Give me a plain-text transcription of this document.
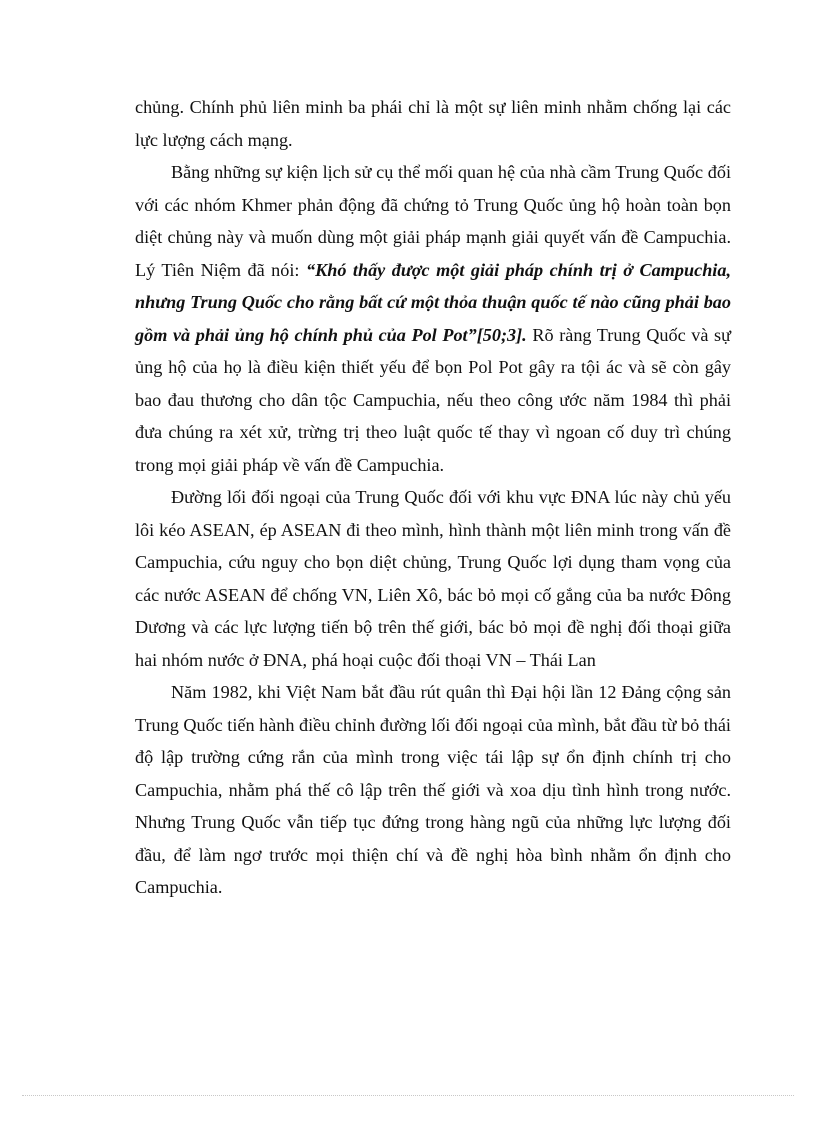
chủng. Chính phủ liên minh ba phái chỉ là một sự liên minh nhằm chống lại các lực lượng cách mạng.

Bằng những sự kiện lịch sử cụ thể mối quan hệ của nhà cầm Trung Quốc đối với các nhóm Khmer phản động đã chứng tỏ Trung Quốc ủng hộ hoàn toàn bọn diệt chủng này và muốn dùng một giải pháp mạnh giải quyết vấn đề Campuchia. Lý Tiên Niệm đã nói: “Khó thấy được một giải pháp chính trị ở Campuchia, nhưng Trung Quốc cho rằng bất cứ một thỏa thuận quốc tế nào cũng phải bao gồm và phải ủng hộ chính phủ của Pol Pot”[50;3]. Rõ ràng Trung Quốc và sự ủng hộ của họ là điều kiện thiết yếu để bọn Pol Pot gây ra tội ác và sẽ còn gây bao đau thương cho dân tộc Campuchia, nếu theo công ước năm 1984 thì phải đưa chúng ra xét xử, trừng trị theo luật quốc tế thay vì ngoan cố duy trì chúng trong mọi giải pháp về vấn đề Campuchia.

Đường lối đối ngoại của Trung Quốc đối với khu vực ĐNA lúc này chủ yếu lôi kéo ASEAN, ép ASEAN đi theo mình, hình thành một liên minh trong vấn đề Campuchia, cứu nguy cho bọn diệt chủng, Trung Quốc lợi dụng tham vọng của các nước ASEAN để chống VN, Liên Xô, bác bỏ mọi cố gắng của ba nước Đông Dương và các lực lượng tiến bộ trên thế giới, bác bỏ mọi đề nghị đối thoại giữa hai nhóm nước ở ĐNA, phá hoại cuộc đối thoại VN – Thái Lan

Năm 1982, khi Việt Nam bắt đầu rút quân thì Đại hội lần 12 Đảng cộng sản Trung Quốc tiến hành điều chỉnh đường lối đối ngoại của mình, bắt đầu từ bỏ thái độ lập trường cứng rắn của mình trong việc tái lập sự ổn định chính trị cho Campuchia, nhằm phá thế cô lập trên thế giới và xoa dịu tình hình trong nước. Nhưng Trung Quốc vẫn tiếp tục đứng trong hàng ngũ của những lực lượng đối đầu, để làm ngơ trước mọi thiện chí và đề nghị hòa bình nhằm ổn định cho Campuchia.
